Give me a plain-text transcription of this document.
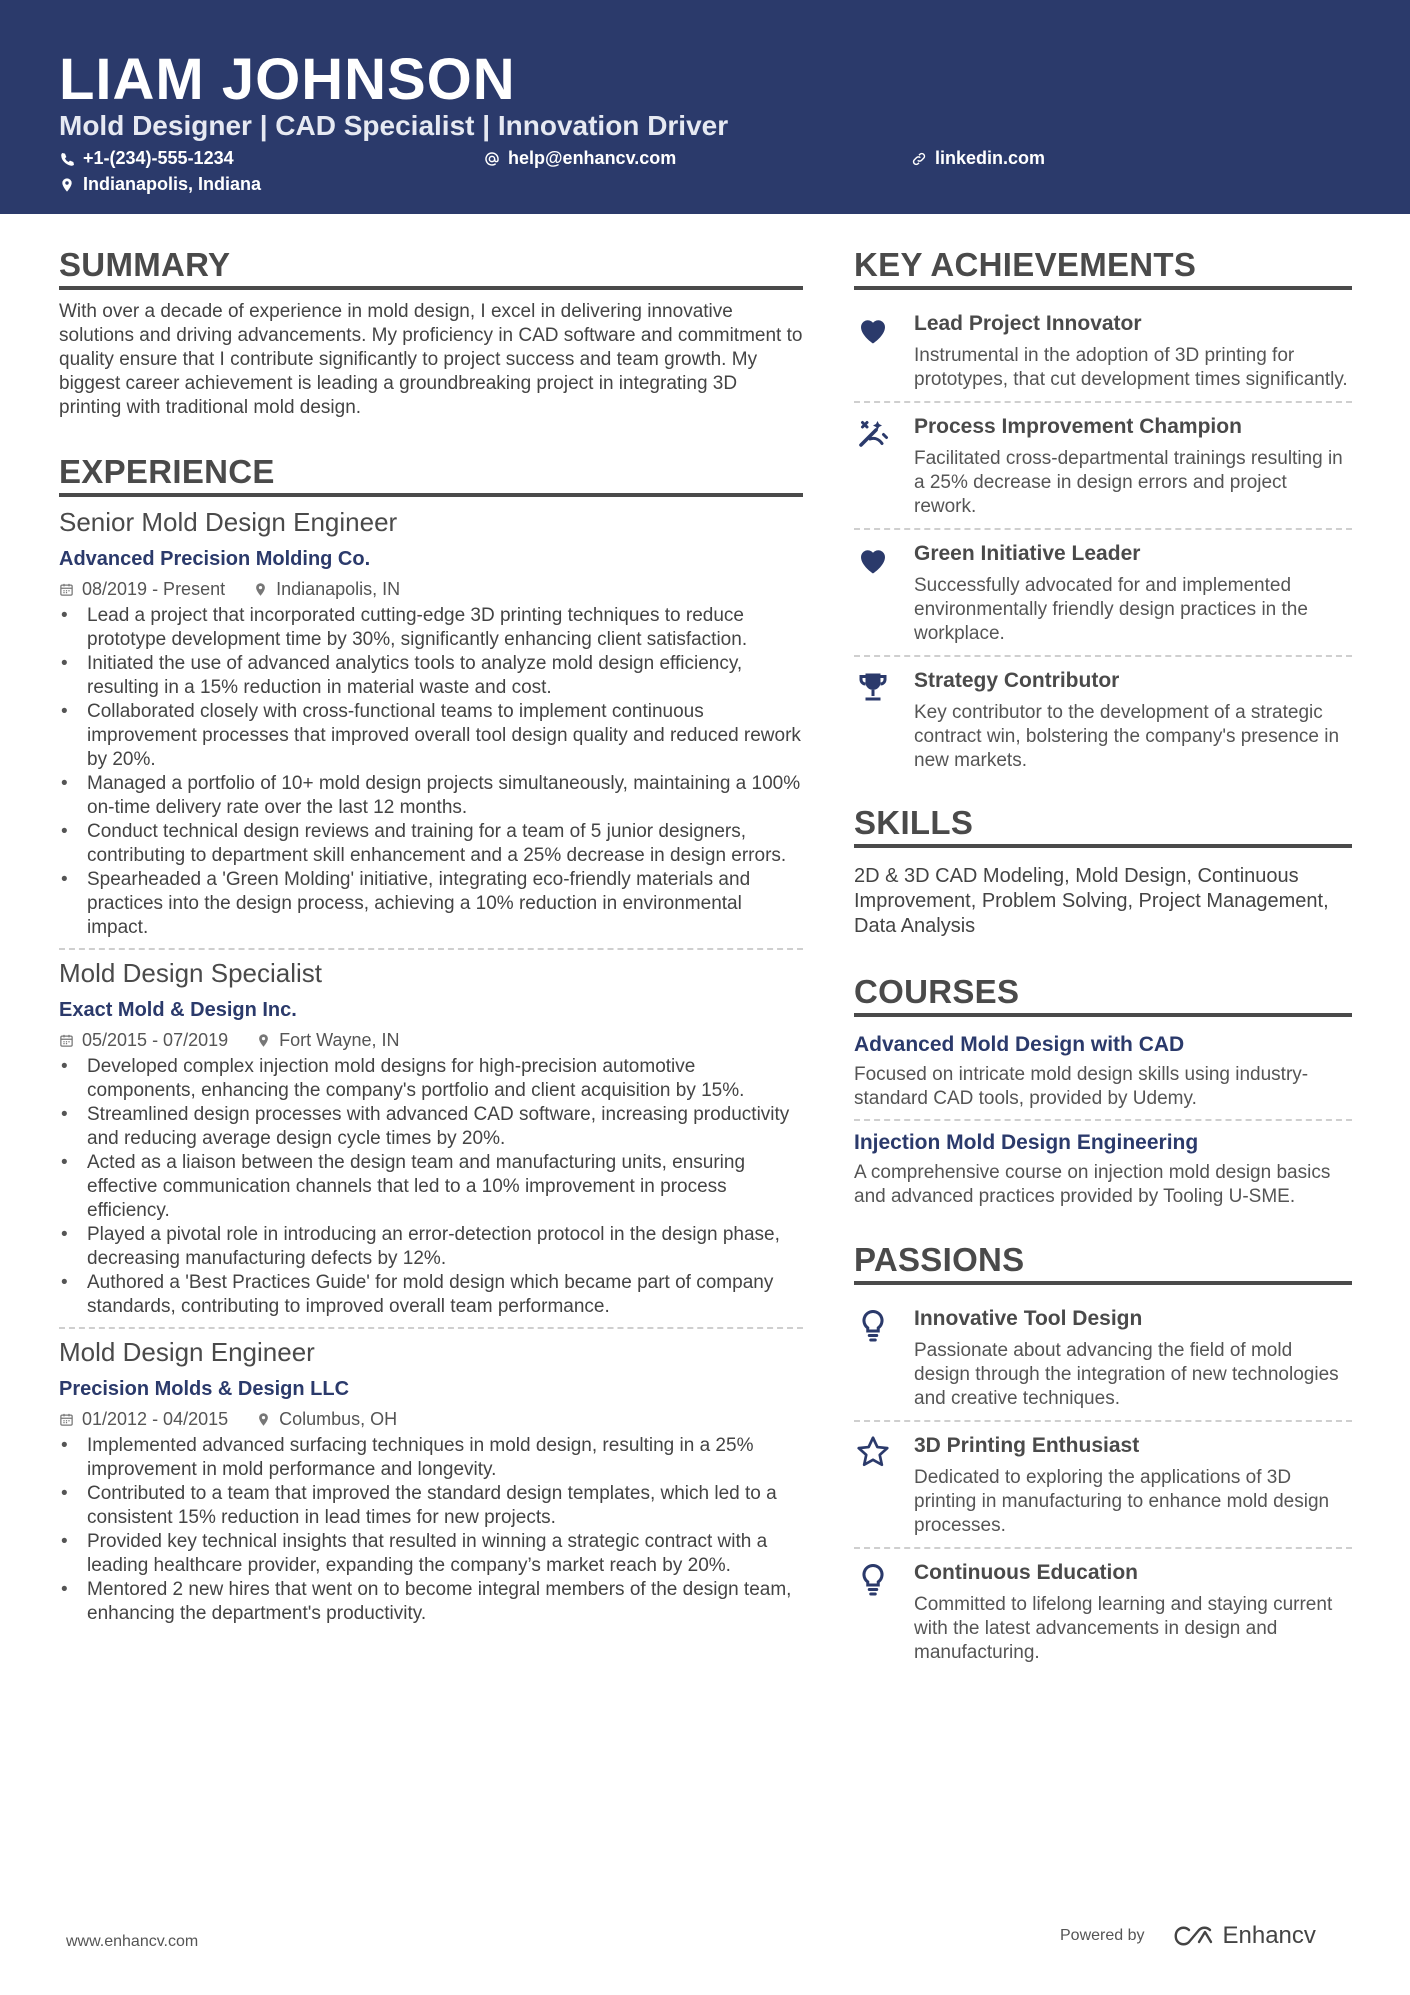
LIAM JOHNSON
Mold Designer | CAD Specialist | Innovation Driver
+1-(234)-555-1234	help@enhancv.com	linkedin.com
Indianapolis, Indiana
SUMMARY
With over a decade of experience in mold design, I excel in delivering innovative solutions and driving advancements. My proficiency in CAD software and commitment to quality ensure that I contribute significantly to project success and team growth. My biggest career achievement is leading a groundbreaking project in integrating 3D printing with traditional mold design.
EXPERIENCE
Senior Mold Design Engineer
Advanced Precision Molding Co.
08/2019 - Present	Indianapolis, IN
• Lead a project that incorporated cutting-edge 3D printing techniques to reduce prototype development time by 30%, significantly enhancing client satisfaction.
• Initiated the use of advanced analytics tools to analyze mold design efficiency, resulting in a 15% reduction in material waste and cost.
• Collaborated closely with cross-functional teams to implement continuous improvement processes that improved overall tool design quality and reduced rework by 20%.
• Managed a portfolio of 10+ mold design projects simultaneously, maintaining a 100% on-time delivery rate over the last 12 months.
• Conduct technical design reviews and training for a team of 5 junior designers, contributing to department skill enhancement and a 25% decrease in design errors.
• Spearheaded a 'Green Molding' initiative, integrating eco-friendly materials and practices into the design process, achieving a 10% reduction in environmental impact.
Mold Design Specialist
Exact Mold & Design Inc.
05/2015 - 07/2019	Fort Wayne, IN
• Developed complex injection mold designs for high-precision automotive components, enhancing the company's portfolio and client acquisition by 15%.
• Streamlined design processes with advanced CAD software, increasing productivity and reducing average design cycle times by 20%.
• Acted as a liaison between the design team and manufacturing units, ensuring effective communication channels that led to a 10% improvement in process efficiency.
• Played a pivotal role in introducing an error-detection protocol in the design phase, decreasing manufacturing defects by 12%.
• Authored a 'Best Practices Guide' for mold design which became part of company standards, contributing to improved overall team performance.
Mold Design Engineer
Precision Molds & Design LLC
01/2012 - 04/2015	Columbus, OH
• Implemented advanced surfacing techniques in mold design, resulting in a 25% improvement in mold performance and longevity.
• Contributed to a team that improved the standard design templates, which led to a consistent 15% reduction in lead times for new projects.
• Provided key technical insights that resulted in winning a strategic contract with a leading healthcare provider, expanding the company’s market reach by 20%.
• Mentored 2 new hires that went on to become integral members of the design team, enhancing the department's productivity.
KEY ACHIEVEMENTS
Lead Project Innovator
Instrumental in the adoption of 3D printing for prototypes, that cut development times significantly.
Process Improvement Champion
Facilitated cross-departmental trainings resulting in a 25% decrease in design errors and project rework.
Green Initiative Leader
Successfully advocated for and implemented environmentally friendly design practices in the workplace.
Strategy Contributor
Key contributor to the development of a strategic contract win, bolstering the company's presence in new markets.
SKILLS
2D & 3D CAD Modeling, Mold Design, Continuous Improvement, Problem Solving, Project Management, Data Analysis
COURSES
Advanced Mold Design with CAD
Focused on intricate mold design skills using industry-standard CAD tools, provided by Udemy.
Injection Mold Design Engineering
A comprehensive course on injection mold design basics and advanced practices provided by Tooling U-SME.
PASSIONS
Innovative Tool Design
Passionate about advancing the field of mold design through the integration of new technologies and creative techniques.
3D Printing Enthusiast
Dedicated to exploring the applications of 3D printing in manufacturing to enhance mold design processes.
Continuous Education
Committed to lifelong learning and staying current with the latest advancements in design and manufacturing.
www.enhancv.com	Powered by	Enhancv
